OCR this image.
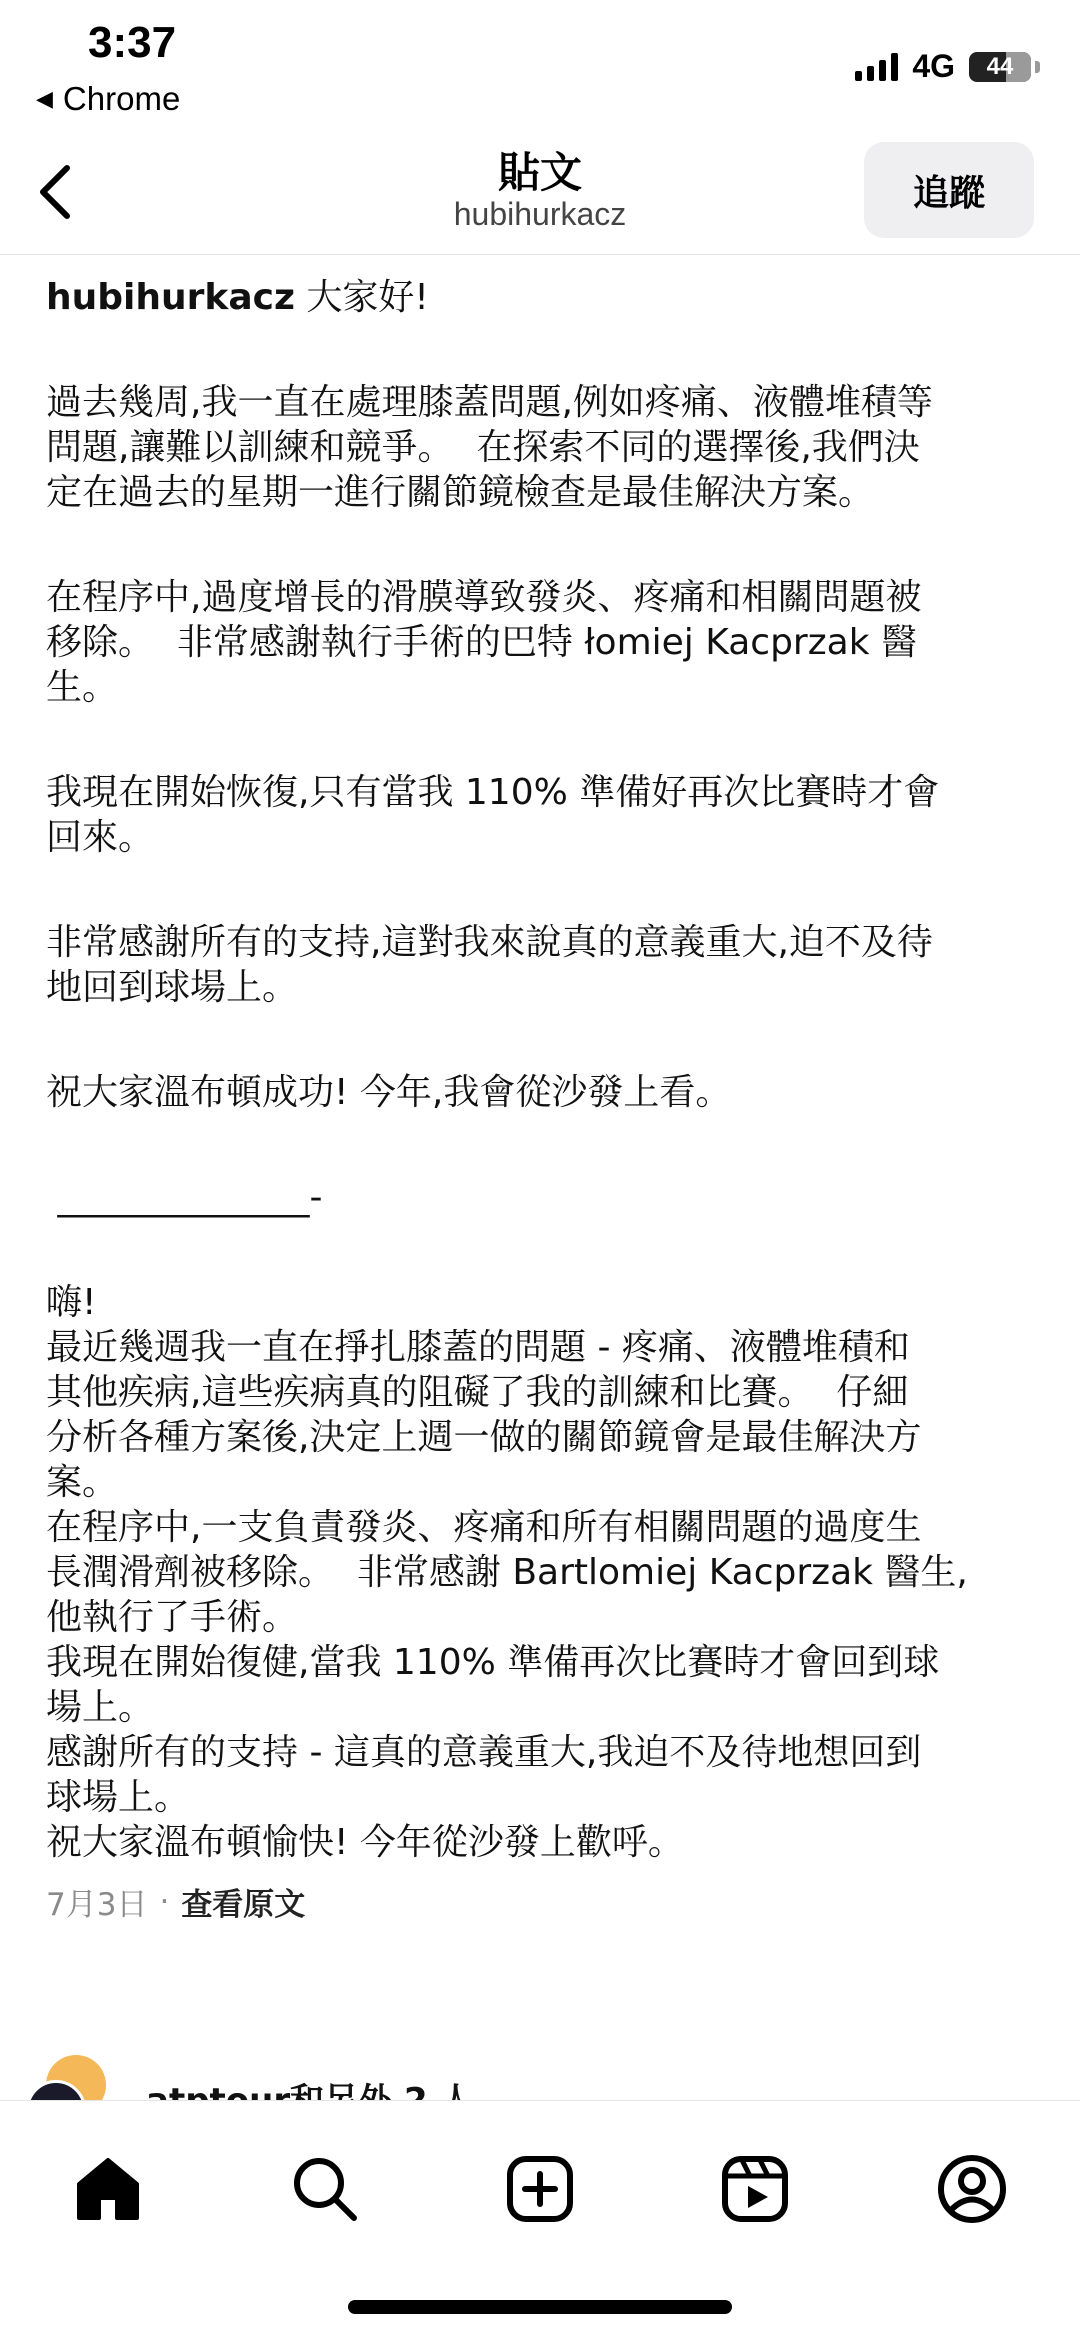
3:37
◀ Chrome
4G 44
貼文
hubihurkacz
追蹤
hubihurkacz 大家好!
過去幾周,我一直在處理膝蓋問題,例如疼痛、液體堆積等
問題,讓難以訓練和競爭。  在探索不同的選擇後,我們決
定在過去的星期一進行關節鏡檢查是最佳解決方案。
在程序中,過度增長的滑膜導致發炎、疼痛和相關問題被
移除。  非常感謝執行手術的巴特 łomiej Kacprzak 醫
生。
我現在開始恢復,只有當我 110% 準備好再次比賽時才會
回來。
非常感謝所有的支持,這對我來說真的意義重大,迫不及待
地回到球場上。
祝大家溫布頓成功! 今年,我會從沙發上看。
______________-
嗨!
最近幾週我一直在掙扎膝蓋的問題 - 疼痛、液體堆積和
其他疾病,這些疾病真的阻礙了我的訓練和比賽。  仔細
分析各種方案後,決定上週一做的關節鏡會是最佳解決方
案。
在程序中,一支負責發炎、疼痛和所有相關問題的過度生
長潤滑劑被移除。  非常感謝 Bartlomiej Kacprzak 醫生,
他執行了手術。
我現在開始復健,當我 110% 準備再次比賽時才會回到球
場上。
感謝所有的支持 - 這真的意義重大,我迫不及待地想回到
球場上。
祝大家溫布頓愉快! 今年從沙發上歡呼。
7月3日 · 查看原文
